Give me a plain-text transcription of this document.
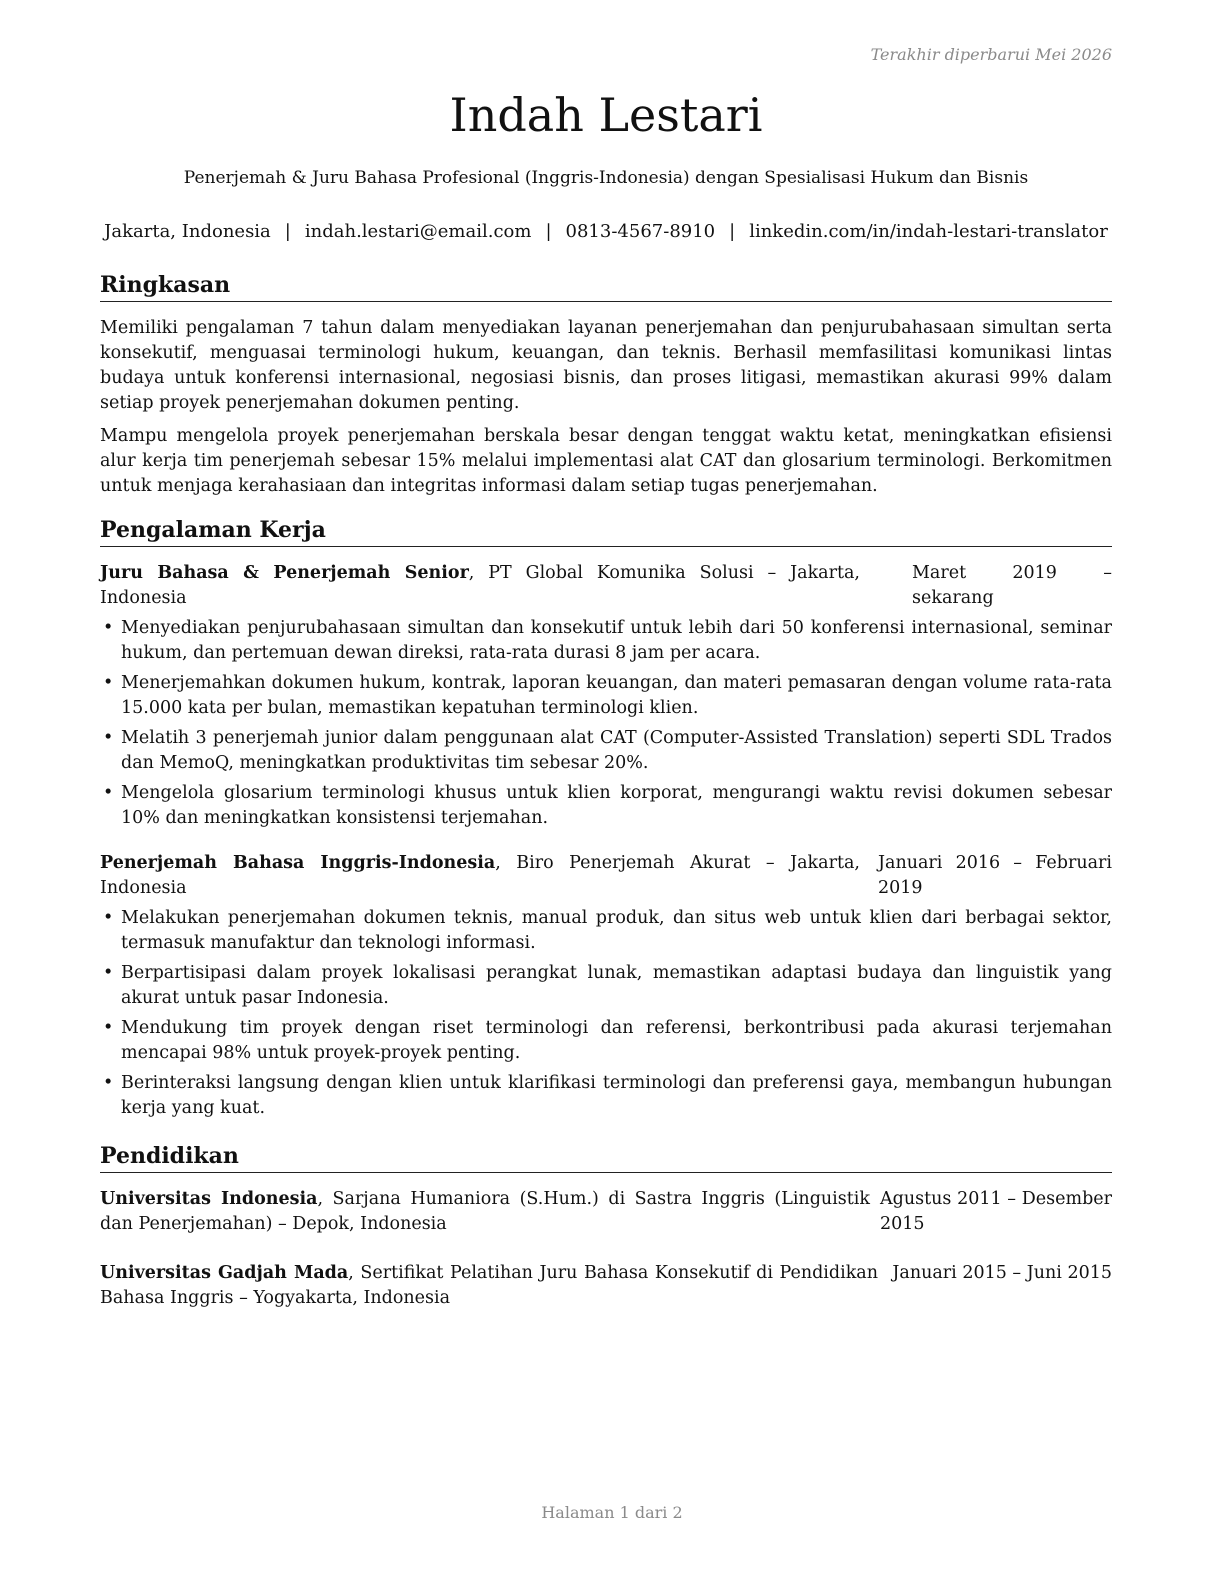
Terakhir diperbarui Mei 2026
Indah Lestari
Penerjemah & Juru Bahasa Profesional (Inggris-Indonesia) dengan Spesialisasi Hukum dan Bisnis
Jakarta, Indonesia | indah.lestari@email.com | 0813-4567-8910 | linkedin.com/in/indah-lestari-translator
Ringkasan

Memiliki pengalaman 7 tahun dalam menyediakan layanan penerjemahan dan penjurubahasaan simultan serta konsekutif, menguasai terminologi hukum, keuangan, dan teknis. Berhasil memfasilitasi komunikasi lintas budaya untuk konferensi internasional, negosiasi bisnis, dan proses litigasi, memastikan akurasi 99% dalam setiap proyek penerjemahan dokumen penting.

Mampu mengelola proyek penerjemahan berskala besar dengan tenggat waktu ketat, meningkatkan efisiensi alur kerja tim penerjemah sebesar 15% melalui implementasi alat CAT dan glosarium terminologi. Berkomitmen untuk menjaga kerahasiaan dan integritas informasi dalam setiap tugas penerjemahan.

Pengalaman Kerja
Juru Bahasa & Penerjemah Senior, PT Global Komunika Solusi – Jakarta, Indonesia
Maret 2019 – sekarang
• Menyediakan penjurubahasaan simultan dan konsekutif untuk lebih dari 50 konferensi internasional, seminar hukum, dan pertemuan dewan direksi, rata-rata durasi 8 jam per acara.
• Menerjemahkan dokumen hukum, kontrak, laporan keuangan, dan materi pemasaran dengan volume rata-rata 15.000 kata per bulan, memastikan kepatuhan terminologi klien.
• Melatih 3 penerjemah junior dalam penggunaan alat CAT (Computer-Assisted Translation) seperti SDL Trados dan MemoQ, meningkatkan produktivitas tim sebesar 20%.
• Mengelola glosarium terminologi khusus untuk klien korporat, mengurangi waktu revisi dokumen sebesar 10% dan meningkatkan konsistensi terjemahan.
Penerjemah Bahasa Inggris-Indonesia, Biro Penerjemah Akurat – Jakarta, Indonesia
Januari 2016 – Februari 2019
• Melakukan penerjemahan dokumen teknis, manual produk, dan situs web untuk klien dari berbagai sektor, termasuk manufaktur dan teknologi informasi.
• Berpartisipasi dalam proyek lokalisasi perangkat lunak, memastikan adaptasi budaya dan linguistik yang akurat untuk pasar Indonesia.
• Mendukung tim proyek dengan riset terminologi dan referensi, berkontribusi pada akurasi terjemahan mencapai 98% untuk proyek-proyek penting.
• Berinteraksi langsung dengan klien untuk klarifikasi terminologi dan preferensi gaya, membangun hubungan kerja yang kuat.
Pendidikan
Universitas Indonesia, Sarjana Humaniora (S.Hum.) di Sastra Inggris (Linguistik dan Penerjemahan) – Depok, Indonesia
Agustus 2011 – Desember 2015
Universitas Gadjah Mada, Sertifikat Pelatihan Juru Bahasa Konsekutif di Pendidikan Bahasa Inggris – Yogyakarta, Indonesia
Januari 2015 – Juni 2015
Halaman 1 dari 2
